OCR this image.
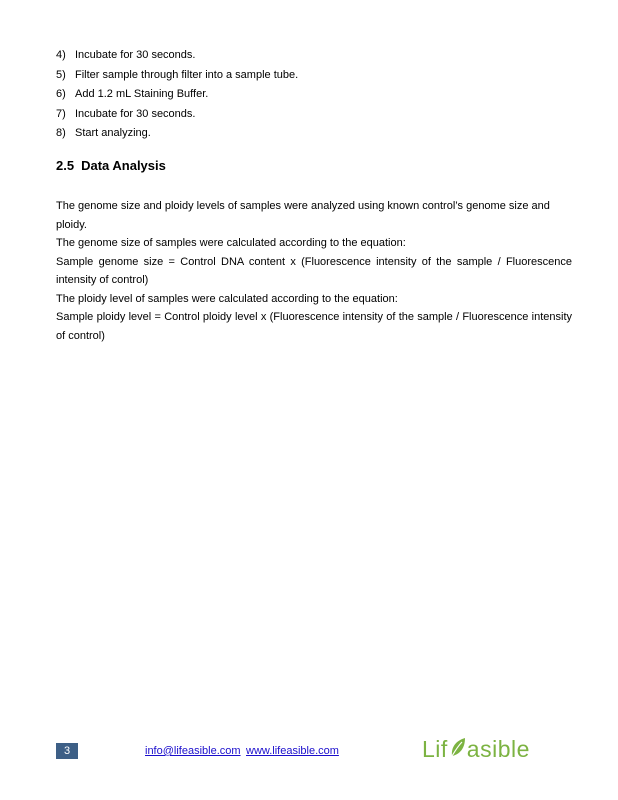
4) Incubate for 30 seconds.
5) Filter sample through filter into a sample tube.
6) Add 1.2 mL Staining Buffer.
7) Incubate for 30 seconds.
8) Start analyzing.
2.5 Data Analysis

The genome size and ploidy levels of samples were analyzed using known control’s genome size and ploidy.

The genome size of samples were calculated according to the equation:

Sample genome size = Control DNA content x (Fluorescence intensity of the sample / Fluorescence intensity of control)

The ploidy level of samples were calculated according to the equation:

Sample ploidy level = Control ploidy level x (Fluorescence intensity of the sample / Fluorescence intensity of control)

3	info@lifeasible.com www.lifeasible.com	Lif asible
